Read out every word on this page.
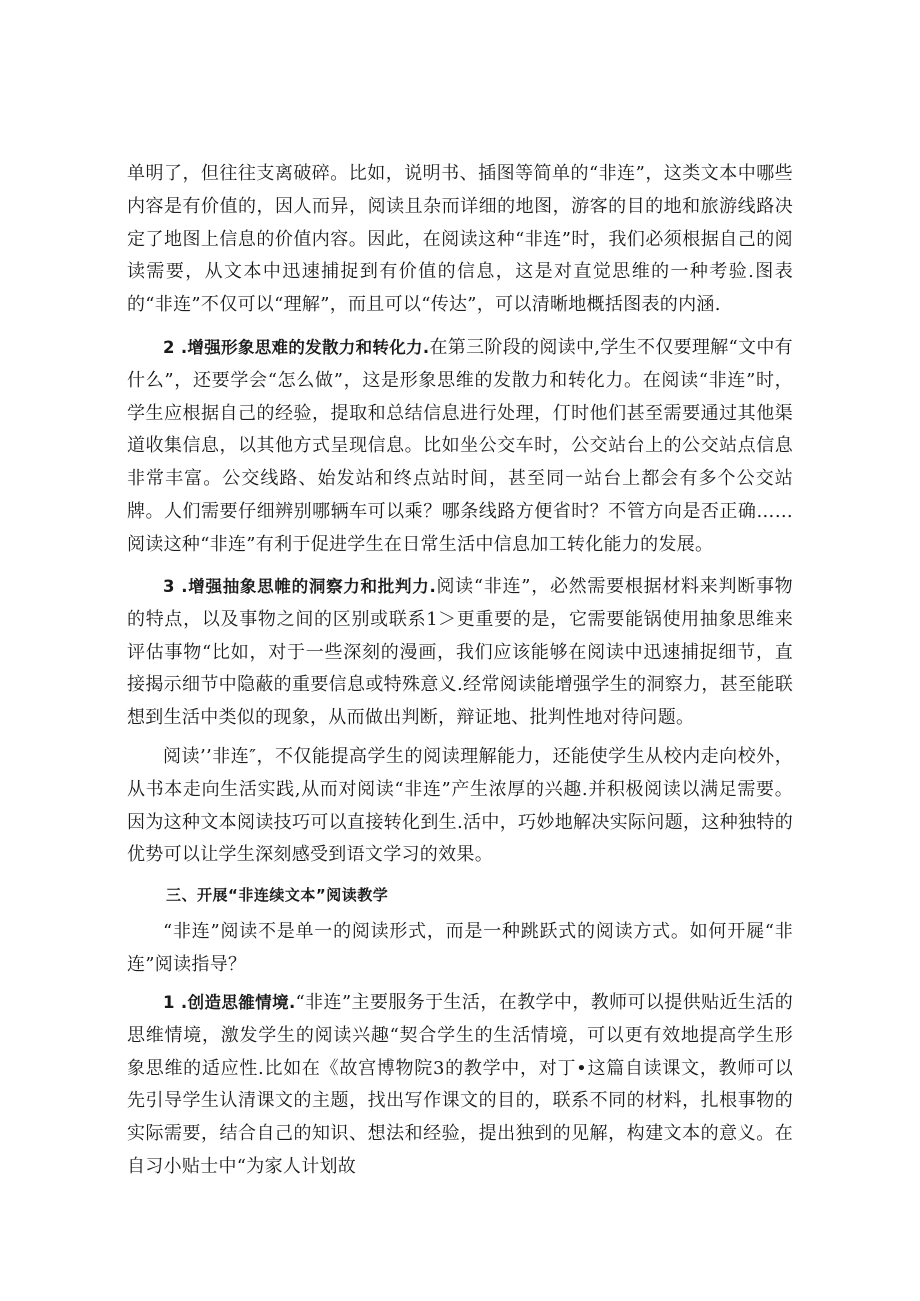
单明了，但往往支离破碎。比如，说明书、插图等简单的“非连”，这类文本中哪些内容是有价值的，因人而异，阅读且杂而详细的地图，游客的目的地和旅游线路决定了地图上信息的价值内容。因此，在阅读这种“非连”时，我们必须根据自己的阅读需要，从文本中迅速捕捉到有价值的信息，这是对直觉思维的一种考验.图表的“非连”不仅可以“理解”，而且可以“传达”，可以清晰地概括图表的内涵.

2 .增强形象思难的发散力和转化力.在第三阶段的阅读中,学生不仅要理解“文中有什么”，还要学会“怎么做”，这是形象思维的发散力和转化力。在阅读“非连”时，学生应根据自己的经验，提取和总结信息进行处理，仃时他们甚至需要通过其他渠道收集信息，以其他方式呈现信息。比如坐公交车时，公交站台上的公交站点信息非常丰富。公交线路、始发站和终点站时间，甚至同一站台上都会有多个公交站牌。人们需要仔细辨别哪辆车可以乘？哪条线路方便省时？不管方向是否正确……阅读这种“非连”有利于促进学生在日常生活中信息加工转化能力的发展。

3 .增强抽象思帷的洞察力和批判力.阅读“非连”，必然需要根据材料来判断事物的特点，以及事物之间的区别或联系1＞更重要的是，它需要能锅使用抽象思维来评估事物“比如，对于一些深刻的漫画，我们应该能够在阅读中迅速捕捉细节，直接揭示细节中隐蔽的重要信息或特殊意义.经常阅读能增强学生的洞察力，甚至能联想到生活中类似的现象，从而做出判断，辩证地、批判性地对待问题。

阅读’’非连″，不仅能提高学生的阅读理解能力，还能使学生从校内走向校外，从书本走向生活实践,从而对阅读“非连”产生浓厚的兴趣.并积极阅读以满足需要。因为这种文本阅读技巧可以直接转化到生.活中，巧妙地解决实际问题，这种独特的优势可以让学生深刻感受到语文学习的效果。

三、开展“非连续文本”阅读教学

“非连”阅读不是单一的阅读形式，而是一种跳跃式的阅读方式。如何开屣“非连”阅读指导？

1 .创造思雒情境.“非连”主要服务于生活，在教学中，教师可以提供贴近生活的思维情境，激发学生的阅读兴趣“契合学生的生活情境，可以更有效地提高学生形象思维的适应性.比如在《故宫博物院3的教学中，对丁•这篇自读课文，教师可以先引导学生认清课文的主题，找出写作课文的目的，联系不同的材料，扎根事物的实际需要，结合自己的知识、想法和经验，提出独到的见解，构建文本的意义。在自习小贴士中“为家人计划故
